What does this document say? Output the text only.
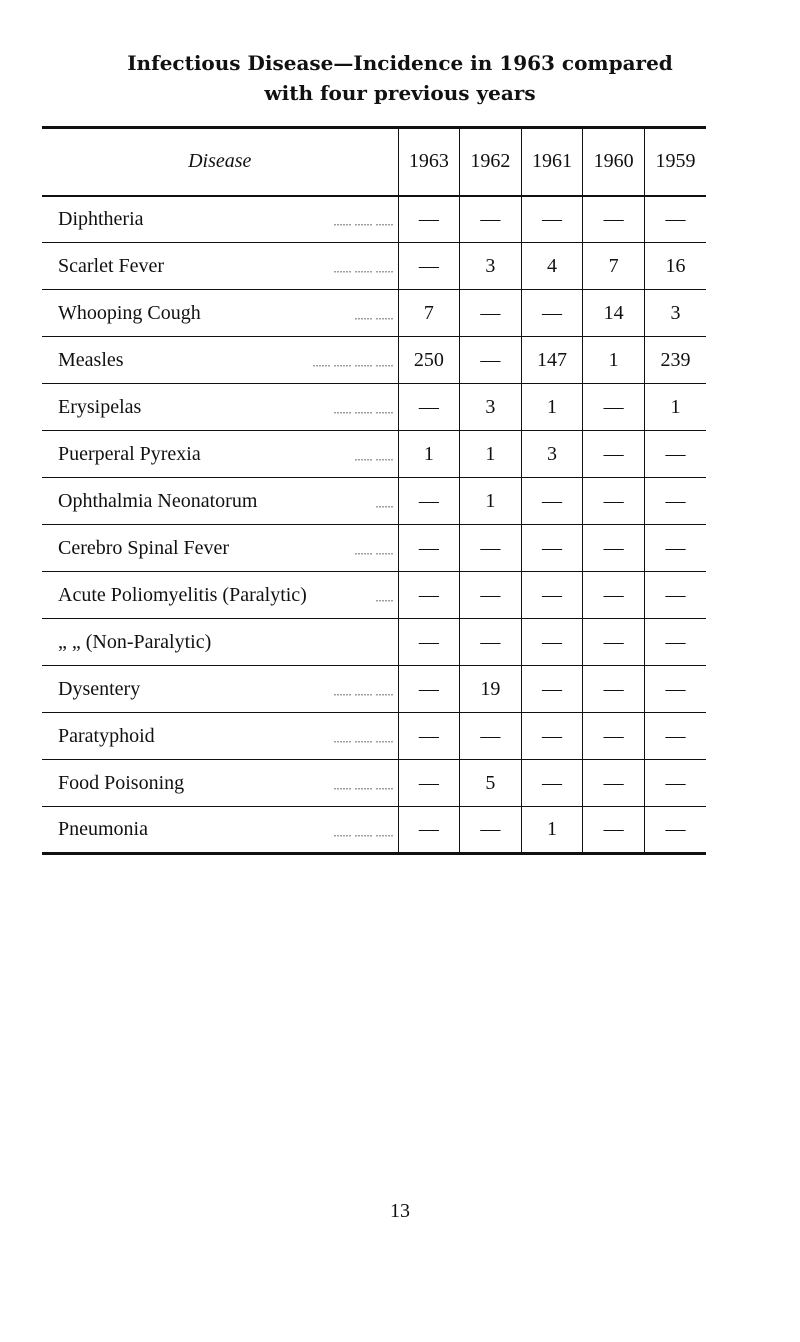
Infectious Disease—Incidence in 1963 compared
with four previous years
Disease	1963	1962	1961	1960	1959
Diphtheria ...... ...... ......	—	—	—	—	—
Scarlet Fever ...... ...... ......	—	3	4	7	16
Whooping Cough ...... ......	7	—	—	14	3
Measles ...... ...... ...... ......	250	—	147	1	239
Erysipelas ...... ...... ......	—	3	1	—	1
Puerperal Pyrexia ...... ......	1	1	3	—	—
Ophthalmia Neonatorum ......	—	1	—	—	—
Cerebro Spinal Fever ...... ......	—	—	—	—	—
Acute Poliomyelitis (Paralytic) ......	—	—	—	—	—
„ „ (Non-Paralytic)	—	—	—	—	—
Dysentery ...... ...... ......	—	19	—	—	—
Paratyphoid ...... ...... ......	—	—	—	—	—
Food Poisoning ...... ...... ......	—	5	—	—	—
Pneumonia ...... ...... ......	—	—	1	—	—
13
